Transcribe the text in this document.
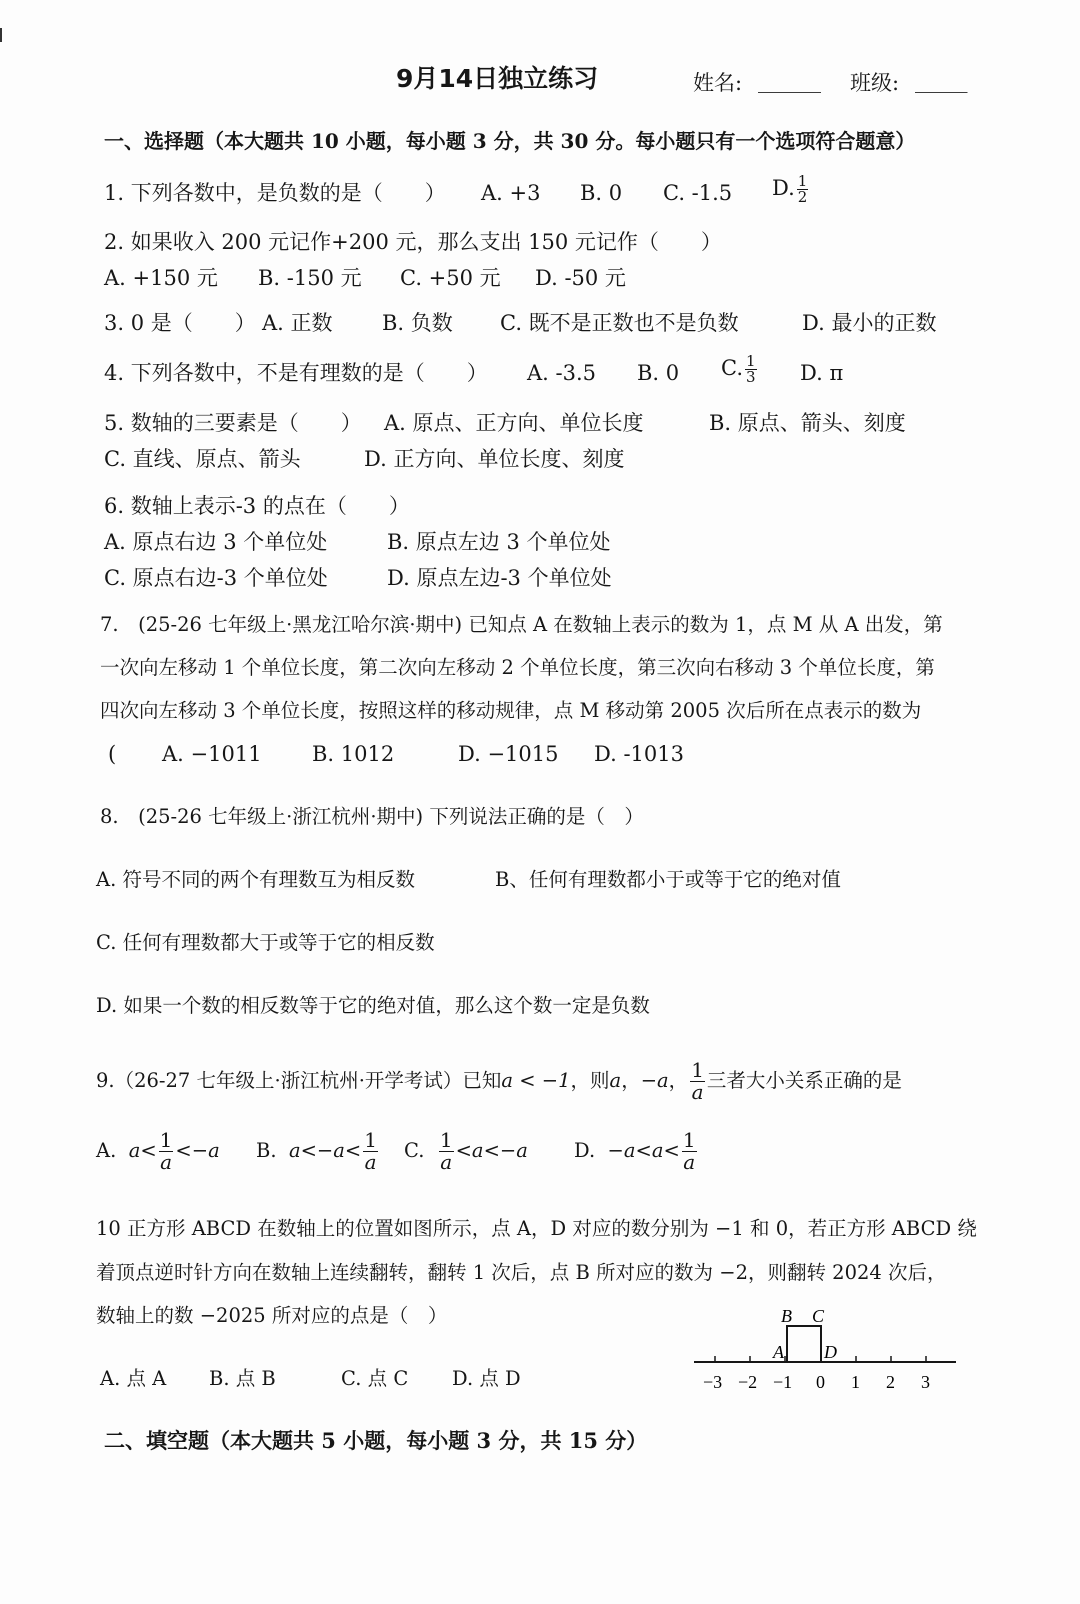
9月14日独立练习	姓名: ______ 班级: _____
一、选择题（本大题共 10 小题，每小题 3 分，共 30 分。每小题只有一个选项符合题意）
1. 下列各数中，是负数的是（　　） A. +3 B. 0 C. -1.5 D. $\frac{1}{2}$
2. 如果收入 200 元记作+200 元，那么支出 150 元记作（　　）
A. +150 元 B. -150 元 C. +50 元 D. -50 元
3. 0 是（　　） A. 正数 B. 负数 C. 既不是正数也不是负数	D. 最小的正数
4. 下列各数中，不是有理数的是（　　） A. -3.5 B. 0 C. $\frac{1}{3} D$. π
5. 数轴的三要素是（　　） A. 原点、正方向、单位长度	B. 原点、箭头、刻度
C. 直线、原点、箭头	D. 正方向、单位长度、刻度
6. 数轴上表示-3 的点在（　　）
A. 原点右边 3 个单位处	B. 原点左边 3 个单位处
C. 原点右边-3 个单位处	D. 原点左边-3 个单位处
7.　(25-26 七年级上·黑龙江哈尔滨·期中) 已知点 A 在数轴上表示的数为 1，点 M 从 A 出发，第
一次向左移动 1 个单位长度，第二次向左移动 2 个单位长度，第三次向右移动 3 个单位长度，第
四次向左移动 3 个单位长度，按照这样的移动规律，点 M 移动第 2005 次后所在点表示的数为
( A. −1011 B. 1012	D. −1015 D. -1013
8.　(25-26 七年级上·浙江杭州·期中) 下列说法正确的是（　）
A. 符号不同的两个有理数互为相反数	B、任何有理数都小于或等于它的绝对值
C. 任何有理数都大于或等于它的相反数
D. 如果一个数的相反数等于它的绝对值，那么这个数一定是负数
9.（26-27 七年级上·浙江杭州·开学考试）已知a < −1，则a，−a， $\frac{1}{a}$ 三者大小关系正确的是
A. $a< \frac{1}{a} <-a$ B. $a<-a< \frac{1}{a} C$. $\frac{1}{a} <a<-a$ D. $-a<a< \frac{1}{a}$
10 正方形 ABCD 在数轴上的位置如图所示，点 A，D 对应的数分别为 −1 和 0，若正方形 ABCD 绕
着顶点逆时针方向在数轴上连续翻转，翻转 1 次后，点 B 所对应的数为 −2，则翻转 2024 次后，
数轴上的数 −2025 所对应的点是（　）
A. 点 A B. 点 B	C. 点 C D. 点 D
B C
A D
−3 −2 −1 0 1 2 3
二、填空题（本大题共 5 小题，每小题 3 分，共 15 分）
